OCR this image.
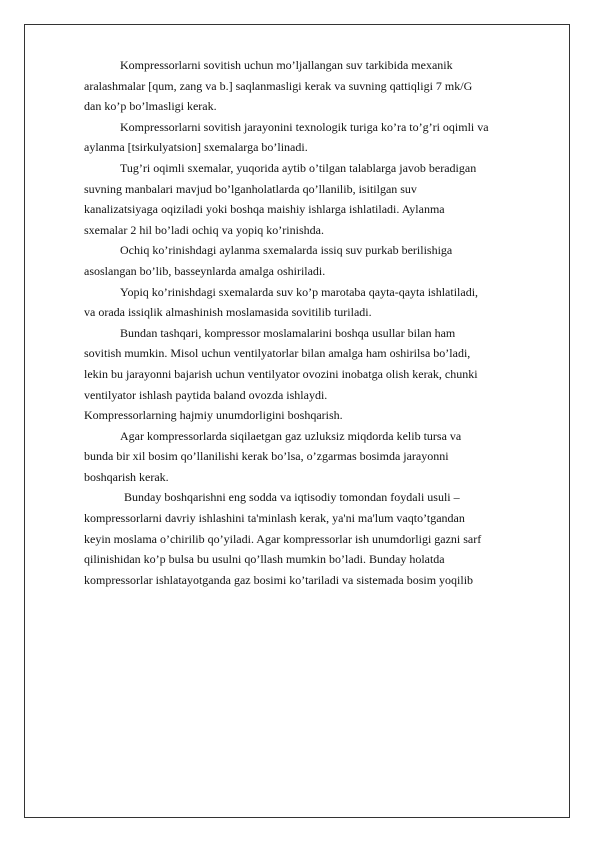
Kompressorlarni sovitish uchun mo’ljallangan suv tarkibida mexanik
aralashmalar [qum, zang va b.] saqlanmasligi kerak va suvning qattiqligi 7 mk/G
dan ko’p bo’lmasligi kerak.
Kompressorlarni sovitish jarayonini texnologik turiga ko’ra to’g’ri oqimli va
aylanma [tsirkulyatsion] sxemalarga bo’linadi.
Tug’ri oqimli sxemalar, yuqorida aytib o’tilgan talablarga javob beradigan
suvning manbalari mavjud bo’lganholatlarda qo’llanilib, isitilgan suv
kanalizatsiyaga oqiziladi yoki boshqa maishiy ishlarga ishlatiladi. Aylanma
sxemalar 2 hil bo’ladi ochiq va yopiq ko’rinishda.
Ochiq ko’rinishdagi aylanma sxemalarda issiq suv purkab berilishiga
asoslangan bo’lib, basseynlarda amalga oshiriladi.
Yopiq ko’rinishdagi sxemalarda suv ko’p marotaba qayta-qayta ishlatiladi,
va orada issiqlik almashinish moslamasida sovitilib turiladi.
Bundan tashqari, kompressor moslamalarini boshqa usullar bilan ham
sovitish mumkin. Misol uchun ventilyatorlar bilan amalga ham oshirilsa bo’ladi,
lekin bu jarayonni bajarish uchun ventilyator ovozini inobatga olish kerak, chunki
ventilyator ishlash paytida baland ovozda ishlaydi.
Kompressorlarning hajmiy unumdorligini boshqarish.
Agar kompressorlarda siqilaetgan gaz uzluksiz miqdorda kelib tursa va
bunda bir xil bosim qo’llanilishi kerak bo’lsa, o’zgarmas bosimda jarayonni
boshqarish kerak.
Bunday boshqarishni eng sodda va iqtisodiy tomondan foydali usuli –
kompressorlarni davriy ishlashini ta'minlash kerak, ya'ni ma'lum vaqto’tgandan
keyin moslama o’chirilib qo’yiladi. Agar kompressorlar ish unumdorligi gazni sarf
qilinishidan ko’p bulsa bu usulni qo’llash mumkin bo’ladi. Bunday holatda
kompressorlar ishlatayotganda gaz bosimi ko’tariladi va sistemada bosim yoqilib
